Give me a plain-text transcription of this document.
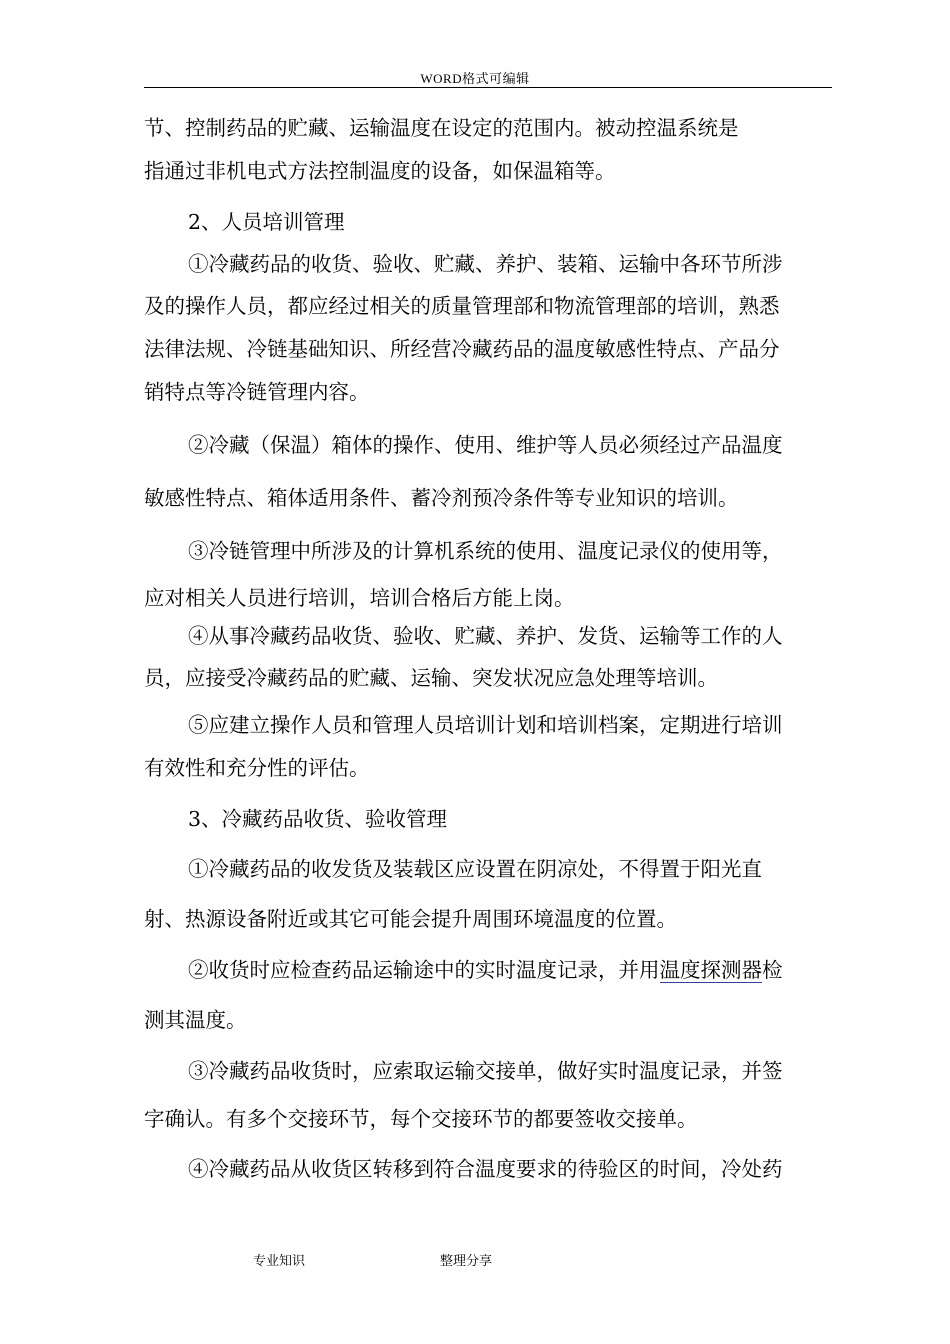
WORD格式可编辑
节、控制药品的贮藏、运输温度在设定的范围内。被动控温系统是
指通过非机电式方法控制温度的设备，如保温箱等。
2、人员培训管理
①冷藏药品的收货、验收、贮藏、养护、装箱、运输中各环节所涉
及的操作人员，都应经过相关的质量管理部和物流管理部的培训，熟悉
法律法规、冷链基础知识、所经营冷藏药品的温度敏感性特点、产品分
销特点等冷链管理内容。
②冷藏（保温）箱体的操作、使用、维护等人员必须经过产品温度
敏感性特点、箱体适用条件、蓄冷剂预冷条件等专业知识的培训。
③冷链管理中所涉及的计算机系统的使用、温度记录仪的使用等，
应对相关人员进行培训，培训合格后方能上岗。
④从事冷藏药品收货、验收、贮藏、养护、发货、运输等工作的人
员，应接受冷藏药品的贮藏、运输、突发状况应急处理等培训。
⑤应建立操作人员和管理人员培训计划和培训档案，定期进行培训
有效性和充分性的评估。
3、冷藏药品收货、验收管理
①冷藏药品的收发货及装载区应设置在阴凉处，不得置于阳光直
射、热源设备附近或其它可能会提升周围环境温度的位置。
②收货时应检查药品运输途中的实时温度记录，并用温度探测器检
测其温度。
③冷藏药品收货时，应索取运输交接单，做好实时温度记录，并签
字确认。有多个交接环节，每个交接环节的都要签收交接单。
④冷藏药品从收货区转移到符合温度要求的待验区的时间，冷处药
专业知识	整理分享
